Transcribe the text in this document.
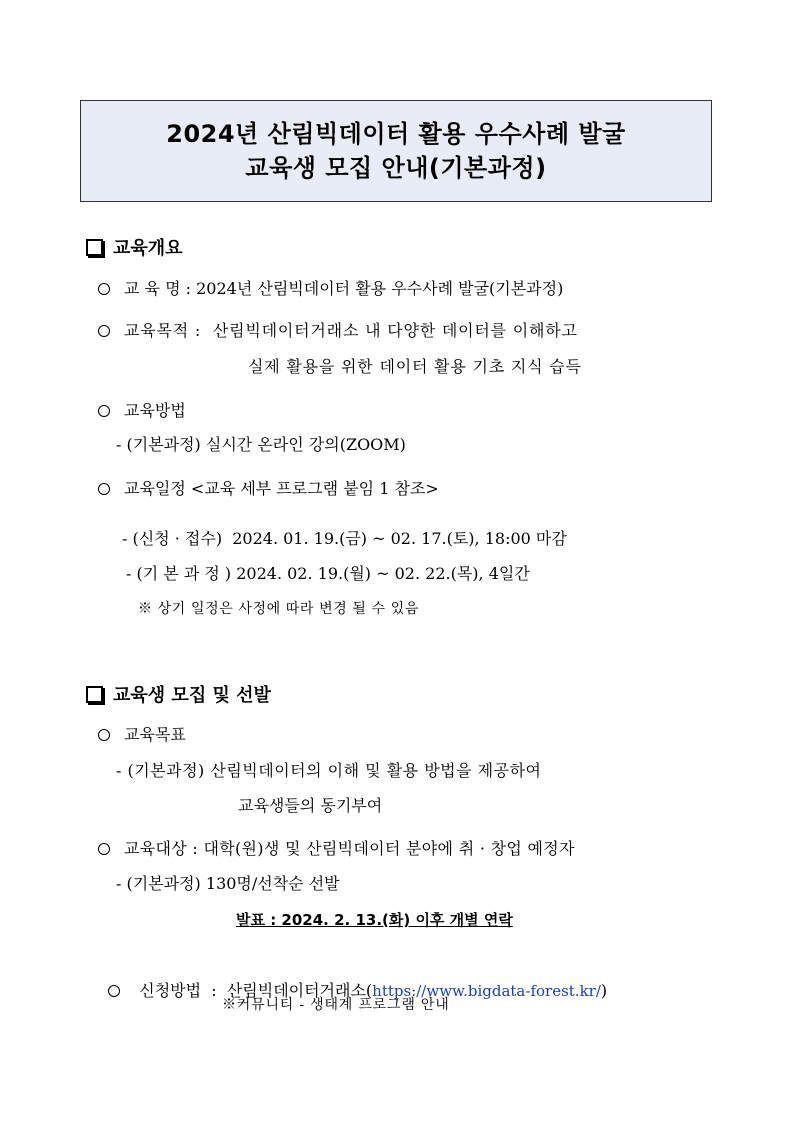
2024년 산림빅데이터 활용 우수사례 발굴
교육생 모집 안내(기본과정)
교육개요
교 육 명 : 2024년 산림빅데이터 활용 우수사례 발굴(기본과정)
교육목적 : 산림빅데이터거래소 내 다양한 데이터를 이해하고
실제 활용을 위한 데이터 활용 기초 지식 습득
교육방법
- (기본과정) 실시간 온라인 강의(ZOOM)
교육일정 <교육 세부 프로그램 붙임 1 참조>
- (신청 · 접수)  2024. 01. 19.(금) ~ 02. 17.(토), 18:00 마감
- (기 본 과 정 ) 2024. 02. 19.(월) ~ 02. 22.(목), 4일간
※ 상기 일정은 사정에 따라 변경 될 수 있음
교육생 모집 및 선발
교육목표
- (기본과정) 산림빅데이터의 이해 및 활용 방법을 제공하여
교육생들의 동기부여
교육대상 : 대학(원)생 및 산림빅데이터 분야에 취 · 창업 예정자
- (기본과정) 130명/선착순 선발
발표 : 2024. 2. 13.(화) 이후 개별 연락

신청방법  :  산림빅데이터거래소(https://www.bigdata-forest.kr/)

※커뮤니티 - 생태계 프로그램 안내
